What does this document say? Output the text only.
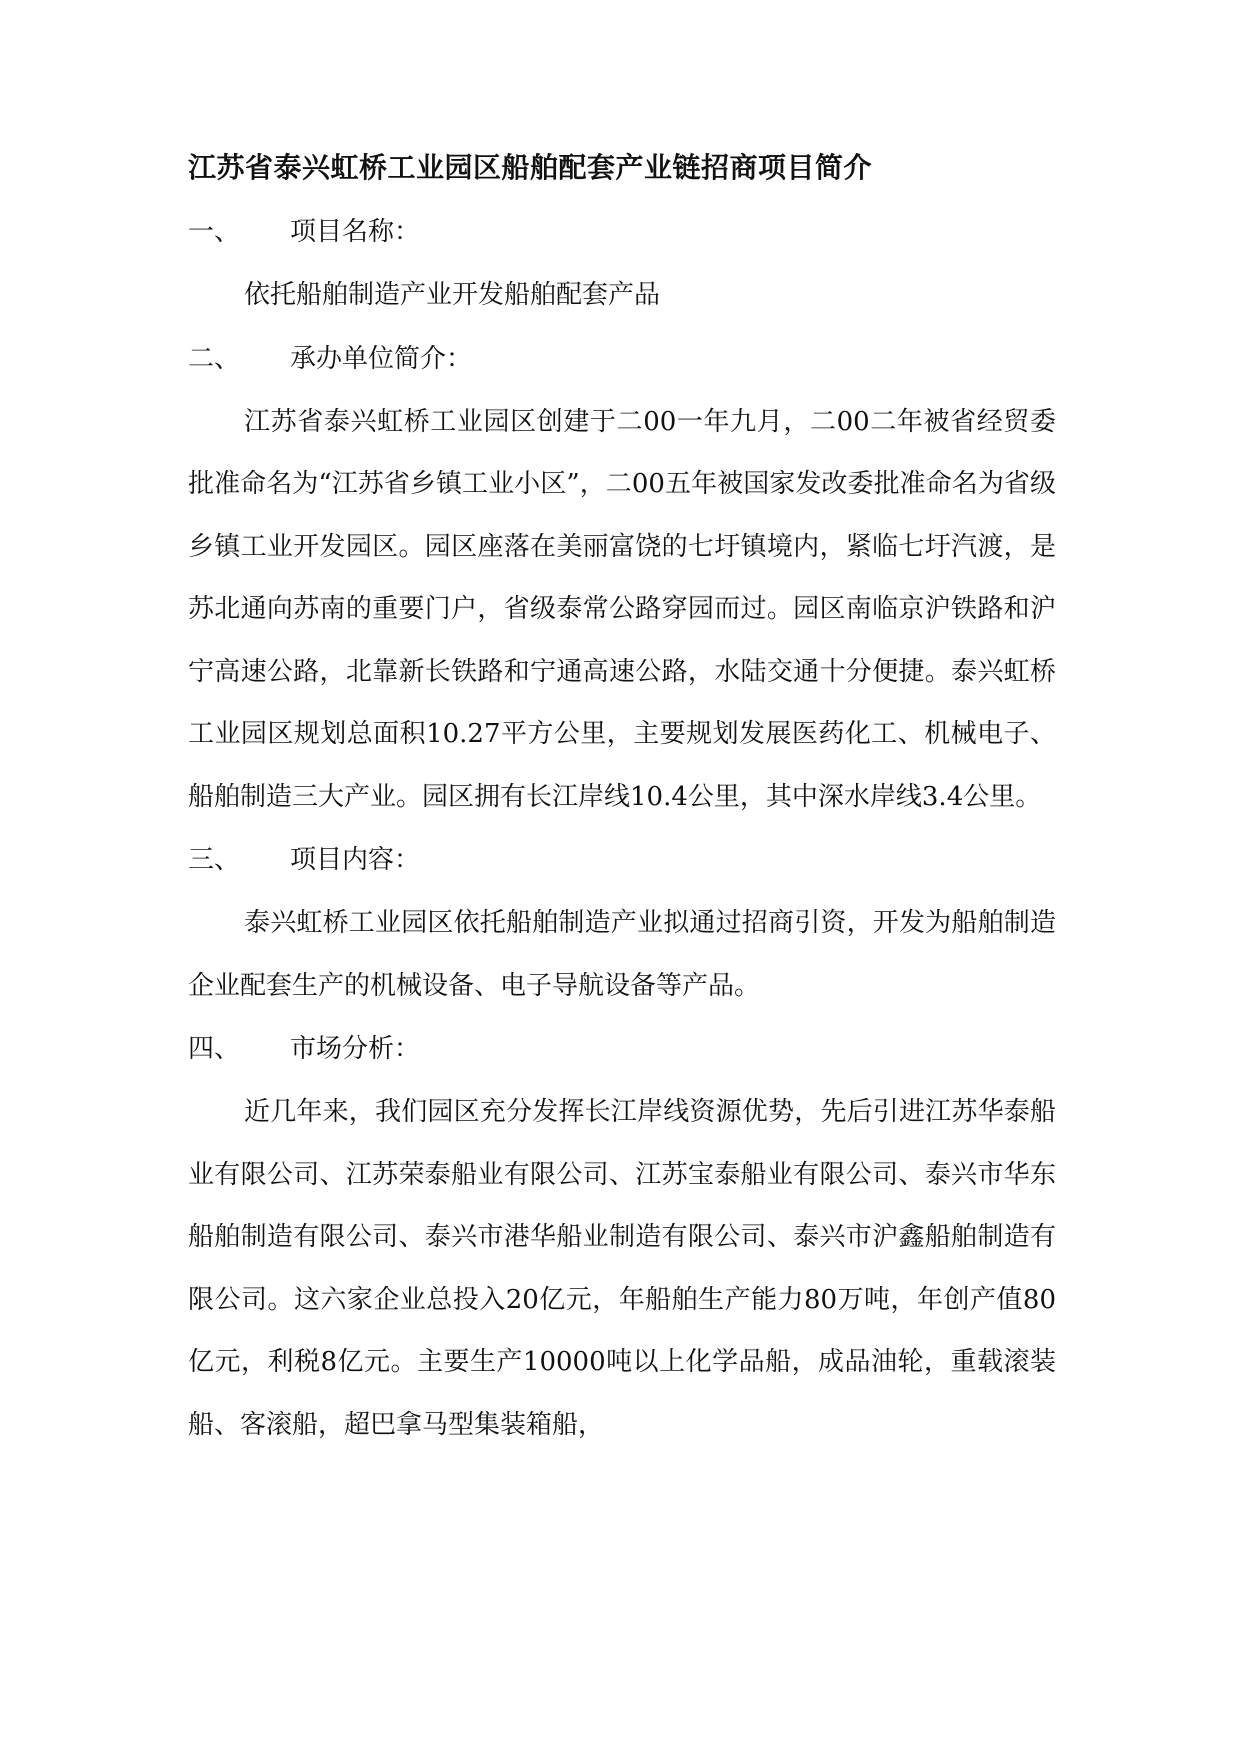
江苏省泰兴虹桥工业园区船舶配套产业链招商项目简介
一、 项目名称：

依托船舶制造产业开发船舶配套产品

二、 承办单位简介：

江苏省泰兴虹桥工业园区创建于二00一年九月，二00二年被省经贸委批准命名为“江苏省乡镇工业小区”，二00五年被国家发改委批准命名为省级乡镇工业开发园区。园区座落在美丽富饶的七圩镇境内，紧临七圩汽渡，是苏北通向苏南的重要门户，省级泰常公路穿园而过。园区南临京沪铁路和沪宁高速公路，北靠新长铁路和宁通高速公路，水陆交通十分便捷。泰兴虹桥工业园区规划总面积10.27平方公里，主要规划发展医药化工、机械电子、船舶制造三大产业。园区拥有长江岸线10.4公里，其中深水岸线3.4公里。

三、 项目内容：

泰兴虹桥工业园区依托船舶制造产业拟通过招商引资，开发为船舶制造企业配套生产的机械设备、电子导航设备等产品。

四、 市场分析：

近几年来，我们园区充分发挥长江岸线资源优势，先后引进江苏华泰船业有限公司、江苏荣泰船业有限公司、江苏宝泰船业有限公司、泰兴市华东船舶制造有限公司、泰兴市港华船业制造有限公司、泰兴市沪鑫船舶制造有限公司。这六家企业总投入20亿元，年船舶生产能力80万吨，年创产值80亿元，利税8亿元。主要生产10000吨以上化学品船，成品油轮，重载滚装船、客滚船，超巴拿马型集装箱船，
